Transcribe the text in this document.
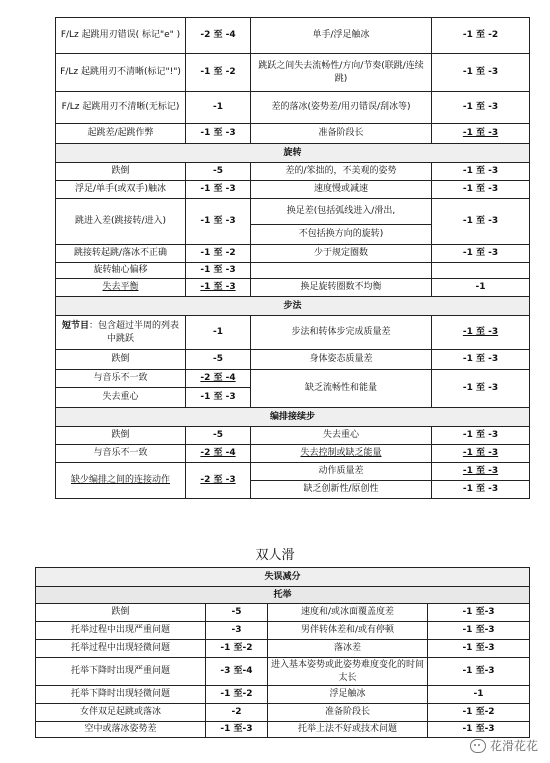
F/Lz 起跳用刃错误( 标记"e" )	-2 至 -4	单手/浮足触冰	-1 至 -2
F/Lz 起跳用刃不清晰(标记"!")	-1 至 -2	跳跃之间失去流畅性/方向/节奏(联跳/连续跳)	-1 至 -3
F/Lz 起跳用刃不清晰(无标记)	-1	差的落冰(姿势差/用刃错误/刮冰等)	-1 至 -3
起跳差/起跳作弊	-1 至 -3	准备阶段长	-1 至 -3
旋转			
跌倒	-5	差的/笨拙的，不美观的姿势	-1 至 -3
浮足/单手(或双手)触冰	-1 至 -3	速度慢或减速	-1 至 -3
跳进入差(跳接转/进入)	-1 至 -3	换足差(包括弧线进入/滑出,	-1 至 -3
		不包括换方向的旋转)	
跳接转起跳/落冰不正确	-1 至 -2	少于规定圈数	-1 至 -3
旋转轴心偏移	-1 至 -3		
失去平衡	-1 至 -3	换足旋转圈数不均衡	-1
步法			
短节目：包含超过半周的列表中跳跃	-1	步法和转体步完成质量差	-1 至 -3
跌倒	-5	身体姿态质量差	-1 至 -3
与音乐不一致	-2 至 -4	缺乏流畅性和能量	-1 至 -3
失去重心	-1 至 -3		
编排接续步			
跌倒	-5	失去重心	-1 至 -3
与音乐不一致	-2 至 -4	失去控制或缺乏能量	-1 至 -3
缺少编排之间的连接动作	-2 至 -3	动作质量差	-1 至 -3
		缺乏创新性/原创性	-1 至 -3
双人滑
失误减分			
托举			
跌倒	-5	速度和/或冰面覆盖度差	-1 至-3
托举过程中出现严重问题	-3	男伴转体差和/或有停顿	-1 至-3
托举过程中出现轻微问题	-1 至-2	落冰差	-1 至-3
托举下降时出现严重问题	-3 至-4	进入基本姿势或此姿势难度变化的时间太长	-1 至-3
托举下降时出现轻微问题	-1 至-2	浮足触冰	-1
女伴双足起跳或落冰	-2	准备阶段长	-1 至-2
空中或落冰姿势差	-1 至-3	托举上法不好或技术问题	-1 至-3
花滑花花
